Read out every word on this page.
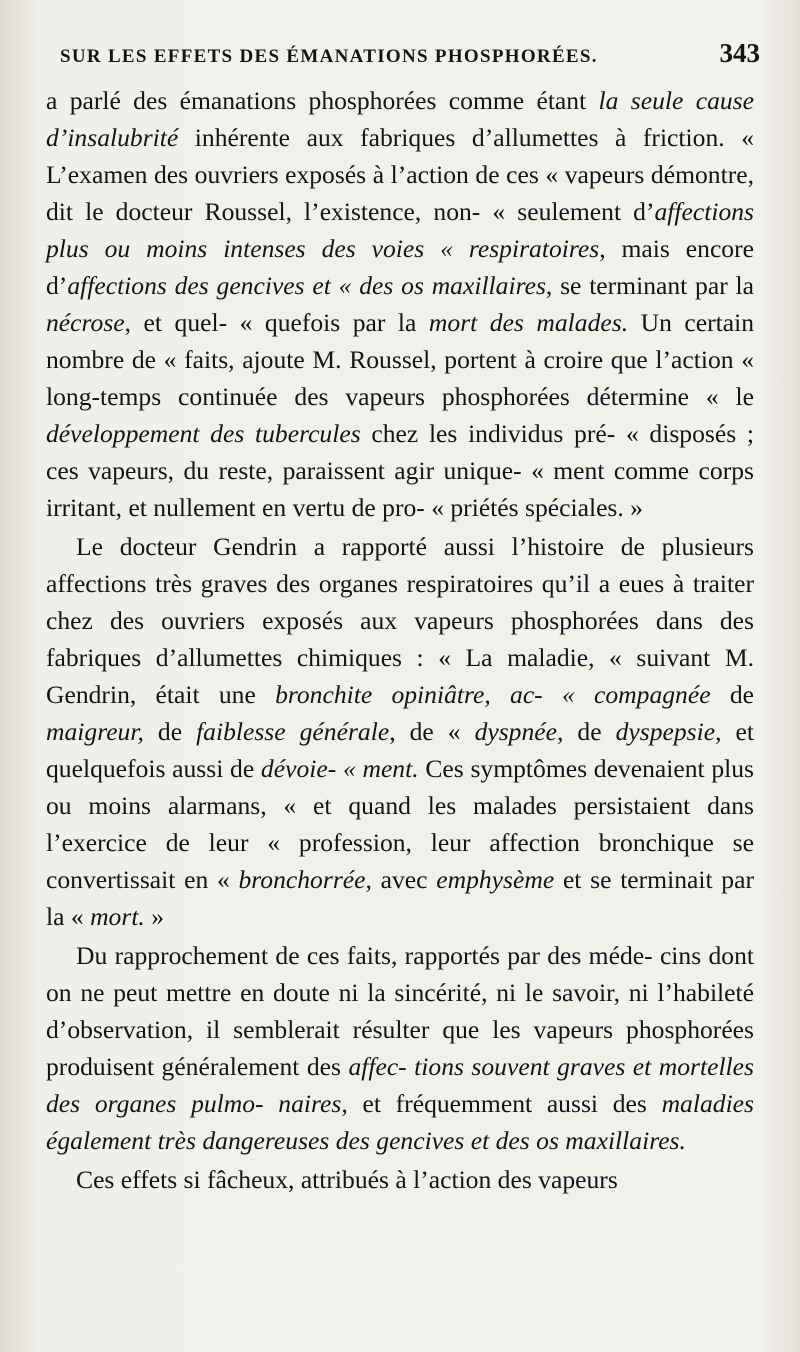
SUR LES EFFETS DES ÉMANATIONS PHOSPHORÉES.	343

a parlé des émanations phosphorées comme étant la seule cause d’insalubrité inhérente aux fabriques d’allumettes à friction. « L’examen des ouvriers exposés à l’action de ces « vapeurs démontre, dit le docteur Roussel, l’existence, non- « seulement d’affections plus ou moins intenses des voies « respiratoires, mais encore d’affections des gencives et « des os maxillaires, se terminant par la nécrose, et quel- « quefois par la mort des malades. Un certain nombre de « faits, ajoute M. Roussel, portent à croire que l’action « long-temps continuée des vapeurs phosphorées détermine « le développement des tubercules chez les individus pré- « disposés ; ces vapeurs, du reste, paraissent agir unique- « ment comme corps irritant, et nullement en vertu de pro- « priétés spéciales. »

Le docteur Gendrin a rapporté aussi l’histoire de plusieurs affections très graves des organes respiratoires qu’il a eues à traiter chez des ouvriers exposés aux vapeurs phosphorées dans des fabriques d’allumettes chimiques : « La maladie, « suivant M. Gendrin, était une bronchite opiniâtre, ac- « compagnée de maigreur, de faiblesse générale, de « dyspnée, de dyspepsie, et quelquefois aussi de dévoie- « ment. Ces symptômes devenaient plus ou moins alarmans, « et quand les malades persistaient dans l’exercice de leur « profession, leur affection bronchique se convertissait en « bronchorrée, avec emphysème et se terminait par la « mort. »

Du rapprochement de ces faits, rapportés par des méde- cins dont on ne peut mettre en doute ni la sincérité, ni le savoir, ni l’habileté d’observation, il semblerait résulter que les vapeurs phosphorées produisent généralement des affec- tions souvent graves et mortelles des organes pulmo- naires, et fréquemment aussi des maladies également très dangereuses des gencives et des os maxillaires.

Ces effets si fâcheux, attribués à l’action des vapeurs
